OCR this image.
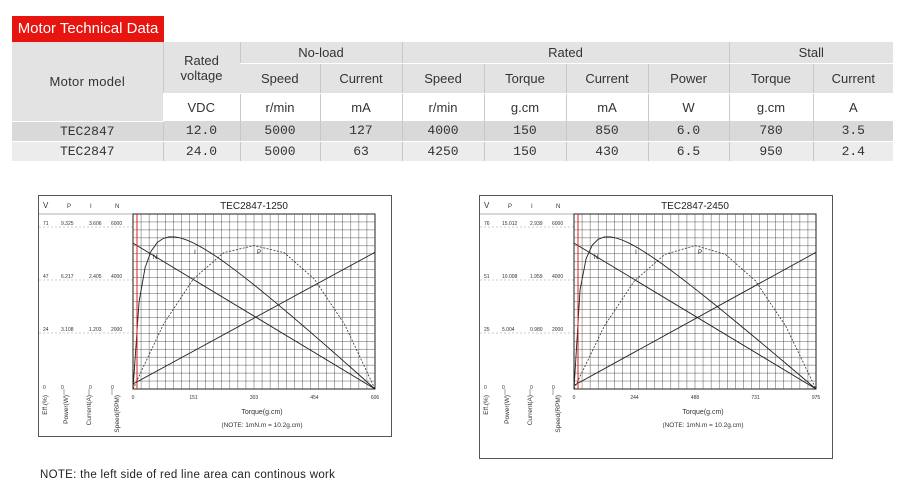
Motor Technical Data
Motor model	Rated voltage	No-load		Rated				Stall	
		Speed	Current	Speed	Torque	Current	Power	Torque	Current
	VDC	r/min	mA	r/min	g.cm	mA	W	g.cm	A
TEC2847	12.0	5000	127	4000	150	850	6.0	780	3.5
TEC2847	24.0	5000	63	4250	150	430	6.5	950	2.4
TEC2847-1250
V	P	I	N
71 9.325	3.606 6000
47 6.217	2.405 4000
24 3.108	1.203 2000
0	0	0	0
0	151	303	454	606
Torque(g.cm)
(NOTE: 1mN.m = 10.2g.cm)
Eff.(%) Power(W) Current(A)	Speed(RPM)
N
I	P
I
TEC2847-2450
V	P	I	N
76 15.012	2.939 6000
51 10.008	1.959 4000
25 5.004	0.980 2000
0	0	0	0
0	244	488	731	975
Torque(g.cm)
(NOTE: 1mN.m = 10.2g.cm)
Eff.(%) Power(W) Current(A)	Speed(RPM)
N
I	P
I
NOTE: the left side of red line area can continous work
